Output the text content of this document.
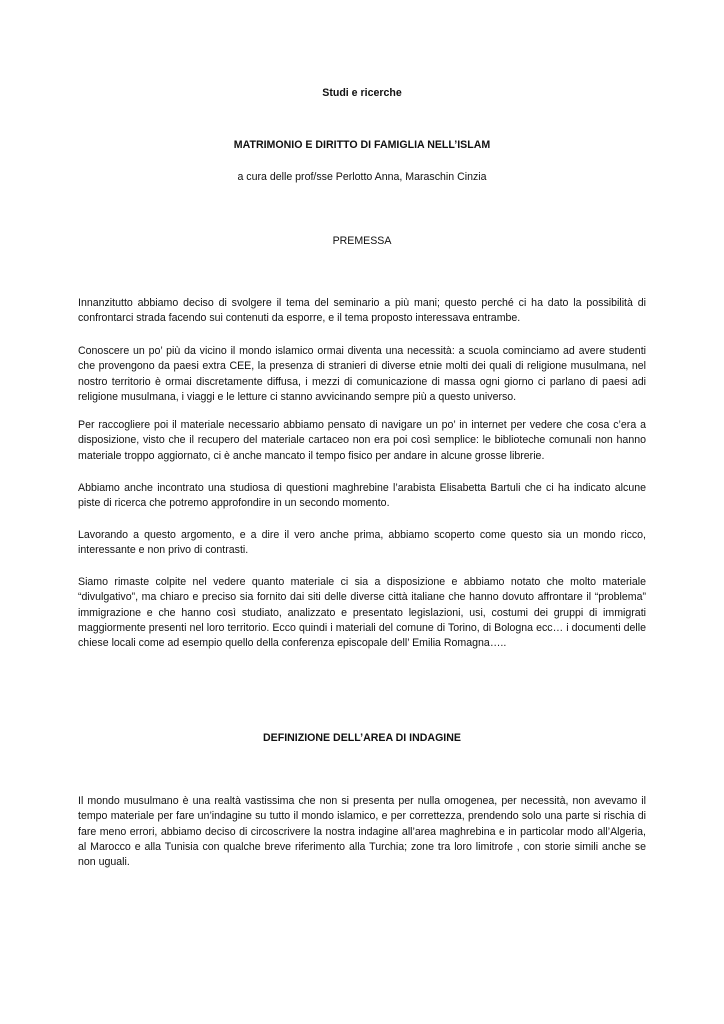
Studi e ricerche
MATRIMONIO E DIRITTO DI FAMIGLIA NELL’ISLAM
a cura delle prof/sse Perlotto Anna, Maraschin Cinzia
PREMESSA

Innanzitutto abbiamo deciso di svolgere il tema del seminario a più mani; questo perché ci ha dato la possibilità di confrontarci strada facendo sui contenuti da esporre, e il tema proposto interessava entrambe.

Conoscere un po’ più da vicino il mondo islamico ormai diventa una necessità: a scuola cominciamo ad avere studenti che provengono da paesi extra CEE, la presenza di stranieri di diverse etnie molti dei quali di religione musulmana, nel nostro territorio è ormai discretamente diffusa, i mezzi di comunicazione di massa ogni giorno ci parlano di paesi adi religione musulmana, i viaggi e le letture ci stanno avvicinando sempre più a questo universo.

Per raccogliere poi il materiale necessario abbiamo pensato di navigare un po’ in internet per vedere che cosa c’era a disposizione, visto che il recupero del materiale cartaceo non era poi così semplice: le biblioteche comunali non hanno materiale troppo aggiornato, ci è anche mancato il tempo fisico per andare in alcune grosse librerie.

Abbiamo anche incontrato una studiosa di questioni maghrebine l’arabista Elisabetta Bartuli che ci ha indicato alcune piste di ricerca che potremo approfondire in un secondo momento.

Lavorando a questo argomento, e a dire il vero anche prima, abbiamo scoperto come questo sia un mondo ricco, interessante e non privo di contrasti.

Siamo rimaste colpite nel vedere quanto materiale ci sia a disposizione e abbiamo notato che molto materiale “divulgativo”, ma chiaro e preciso sia fornito dai siti delle diverse città italiane che hanno dovuto affrontare il “problema” immigrazione e che hanno così studiato, analizzato e presentato legislazioni, usi, costumi dei gruppi di immigrati maggiormente presenti nel loro territorio. Ecco quindi i materiali del comune di Torino, di Bologna ecc… i documenti delle chiese locali come ad esempio quello della conferenza episcopale dell’ Emilia Romagna…..

DEFINIZIONE DELL’AREA DI INDAGINE

Il mondo musulmano è una realtà vastissima che non si presenta per nulla omogenea, per necessità, non avevamo il tempo materiale per fare un’indagine su tutto il mondo islamico, e per correttezza, prendendo solo una parte si rischia di fare meno errori, abbiamo deciso di circoscrivere la nostra indagine all’area maghrebina e in particolar modo all’Algeria, al Marocco e alla Tunisia con qualche breve riferimento alla Turchia; zone tra loro limitrofe , con storie simili anche se non uguali.
